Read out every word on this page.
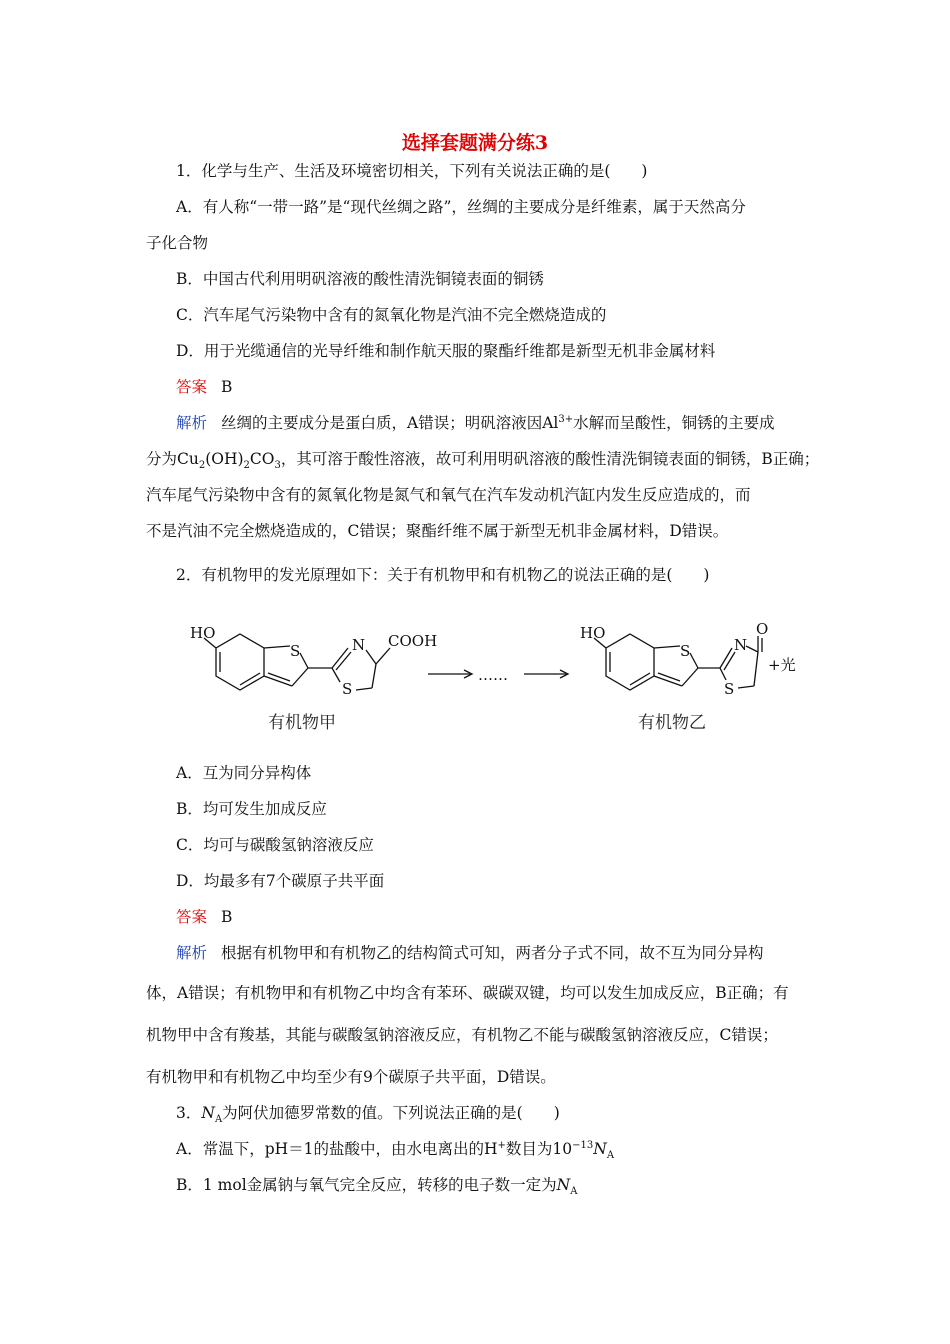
选择套题满分练3
1．化学与生产、生活及环境密切相关，下列有关说法正确的是(　　)
A．有人称“一带一路”是“现代丝绸之路”，丝绸的主要成分是纤维素，属于天然高分
子化合物
B．中国古代利用明矾溶液的酸性清洗铜镜表面的铜锈
C．汽车尾气污染物中含有的氮氧化物是汽油不完全燃烧造成的
D．用于光缆通信的光导纤维和制作航天服的聚酯纤维都是新型无机非金属材料
答案 B
解析 丝绸的主要成分是蛋白质，A错误；明矾溶液因$Al^{3+}$水解而呈酸性，铜锈的主要成
分为$Cu_2(OH)_2CO_3$，其可溶于酸性溶液，故可利用明矾溶液的酸性清洗铜镜表面的铜锈，B正确；
汽车尾气污染物中含有的氮氧化物是氮气和氧气在汽车发动机汽缸内发生反应造成的，而
不是汽油不完全燃烧造成的，C错误；聚酯纤维不属于新型无机非金属材料，D错误。
2．有机物甲的发光原理如下：关于有机物甲和有机物乙的说法正确的是(　　)
HO
S	N COOH
S
……
HO
S	N
O
S
+光
有机物甲	有机物乙
A．互为同分异构体
B．均可发生加成反应
C．均可与碳酸氢钠溶液反应
D．均最多有7个碳原子共平面
答案 B
解析 根据有机物甲和有机物乙的结构简式可知，两者分子式不同，故不互为同分异构
体，A错误；有机物甲和有机物乙中均含有苯环、碳碳双键，均可以发生加成反应，B正确；有
机物甲中含有羧基，其能与碳酸氢钠溶液反应，有机物乙不能与碳酸氢钠溶液反应，C错误；
有机物甲和有机物乙中均至少有9个碳原子共平面，D错误。
3．$N_A$为阿伏加德罗常数的值。下列说法正确的是(　　)
A．常温下，pH＝1的盐酸中，由水电离出的H+数目为$10^{-13}N_A$
B．1 mol金属钠与氧气完全反应，转移的电子数一定为$N_A$
